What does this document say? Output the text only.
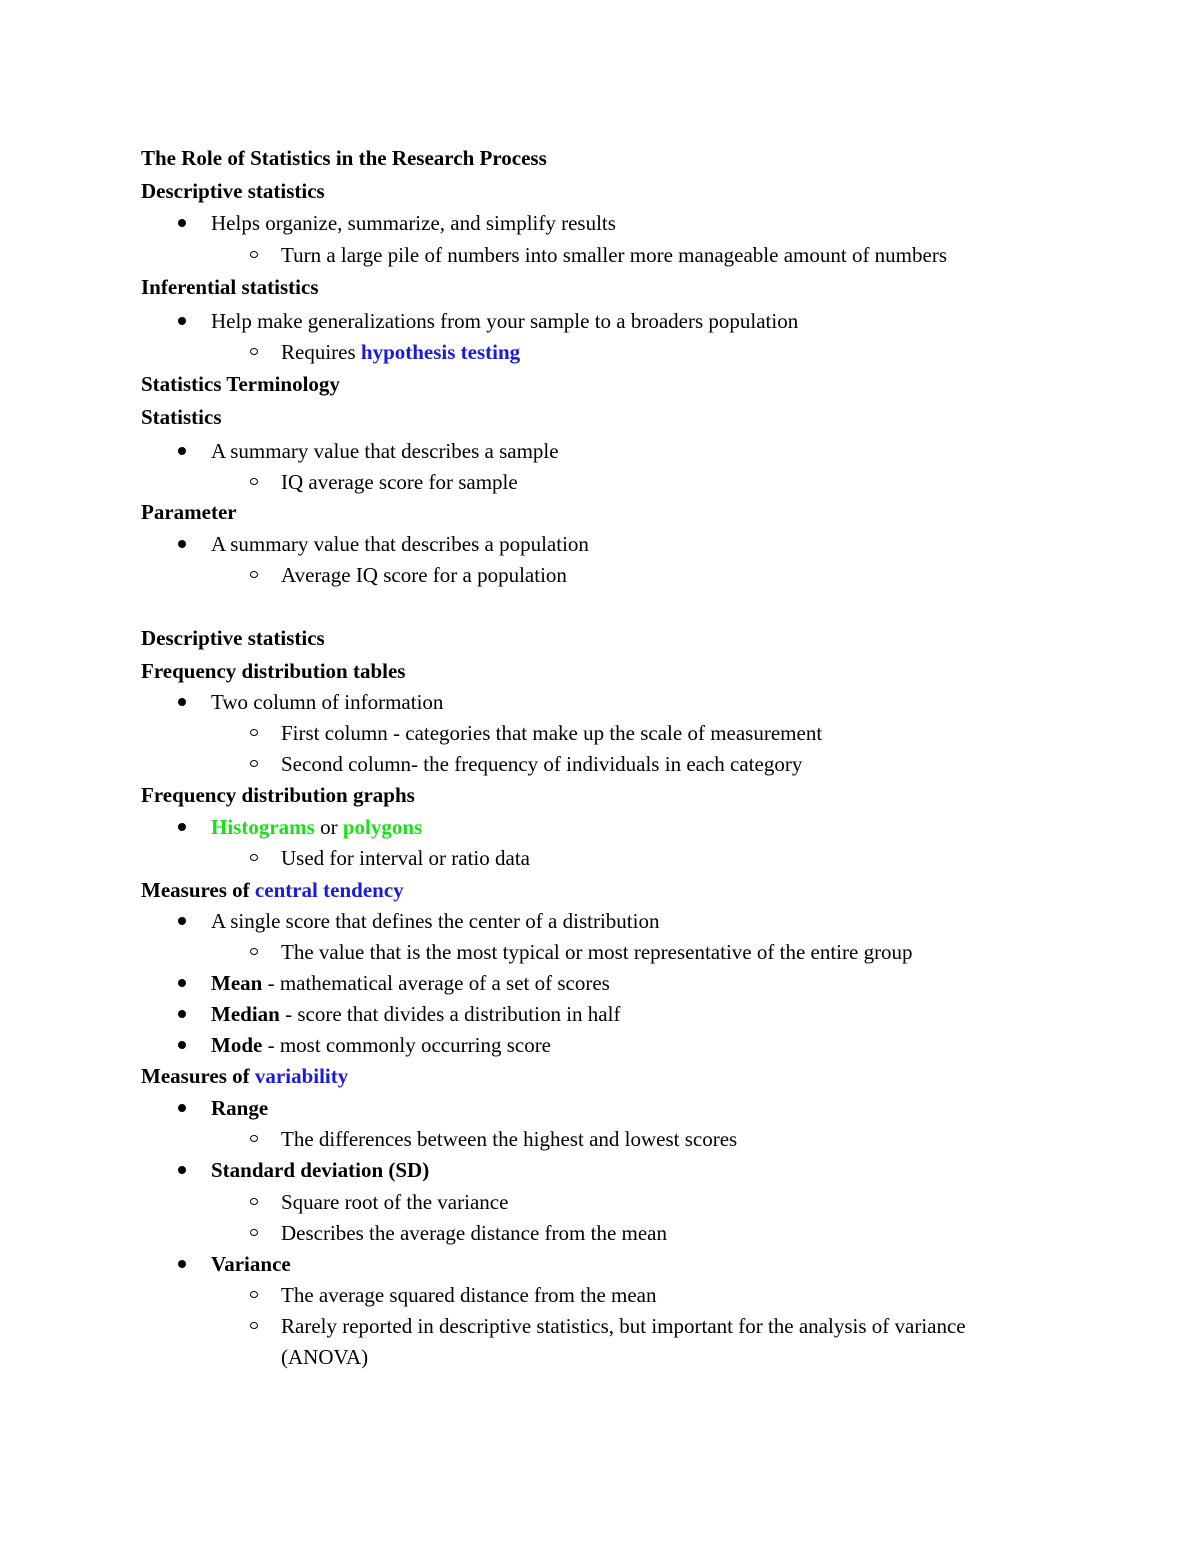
The Role of Statistics in the Research Process
Descriptive statistics
Helps organize, summarize, and simplify results
Turn a large pile of numbers into smaller more manageable amount of numbers
Inferential statistics
Help make generalizations from your sample to a broaders population
Requires hypothesis testing
Statistics Terminology
Statistics
A summary value that describes a sample
IQ average score for sample
Parameter
A summary value that describes a population
Average IQ score for a population
Descriptive statistics
Frequency distribution tables
Two column of information
First column - categories that make up the scale of measurement
Second column- the frequency of individuals in each category
Frequency distribution graphs
Histograms or polygons
Used for interval or ratio data
Measures of central tendency
A single score that defines the center of a distribution
The value that is the most typical or most representative of the entire group
Mean - mathematical average of a set of scores
Median - score that divides a distribution in half
Mode - most commonly occurring score
Measures of variability
Range
The differences between the highest and lowest scores
Standard deviation (SD)
Square root of the variance
Describes the average distance from the mean
Variance
The average squared distance from the mean
Rarely reported in descriptive statistics, but important for the analysis of variance
(ANOVA)
